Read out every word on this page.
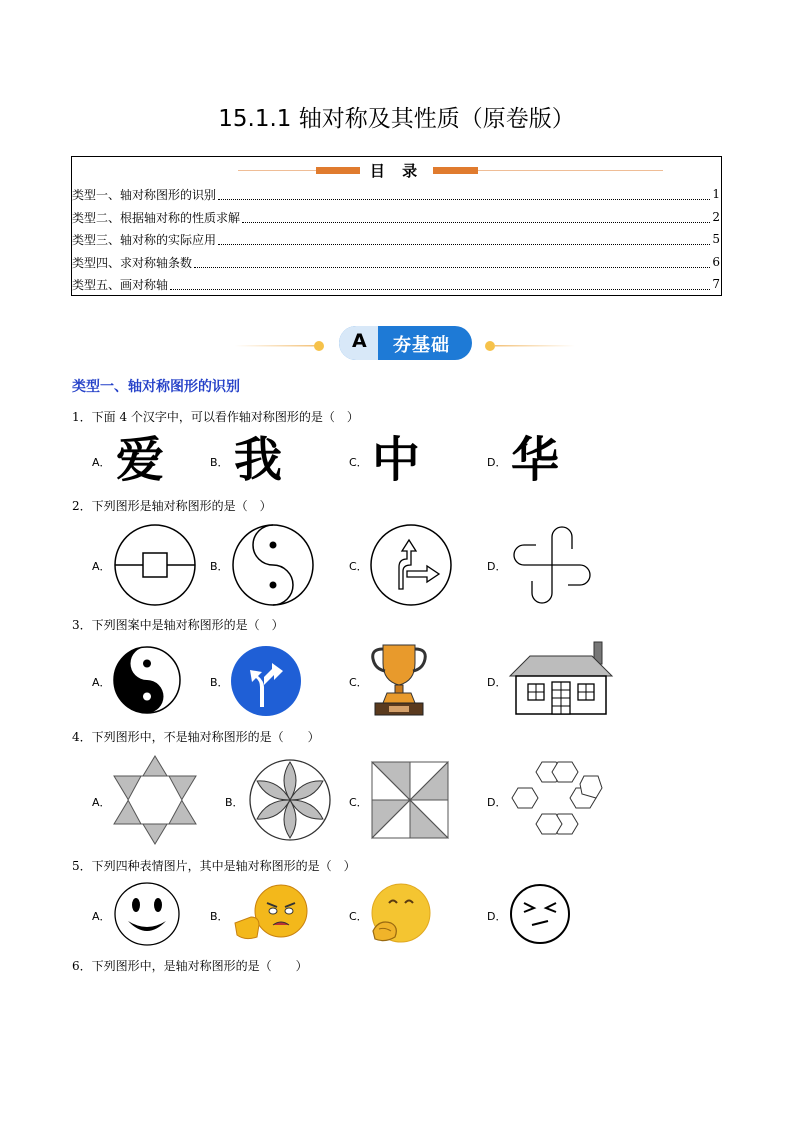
15.1.1 轴对称及其性质（原卷版）
目 录
类型一、轴对称图形的识别	1
类型二、根据轴对称的性质求解	2
类型三、轴对称的实际应用	5
类型四、求对称轴条数	6
类型五、画对称轴	7
A 夯基础
类型一、轴对称图形的识别
1．下面 4 个汉字中，可以看作轴对称图形的是（　）
A． 爱	B． 我	C． 中	D． 华
2．下列图形是轴对称图形的是（　）
A．	B．	C．	D．
3．下列图案中是轴对称图形的是（　）
A．	B．	C．	D．
4．下列图形中，不是轴对称图形的是（　　）
A．	B．	C．	D．
5．下列四种表情图片，其中是轴对称图形的是（　）
A．	B．	C．	D．
6．下列图形中，是轴对称图形的是（　　）
